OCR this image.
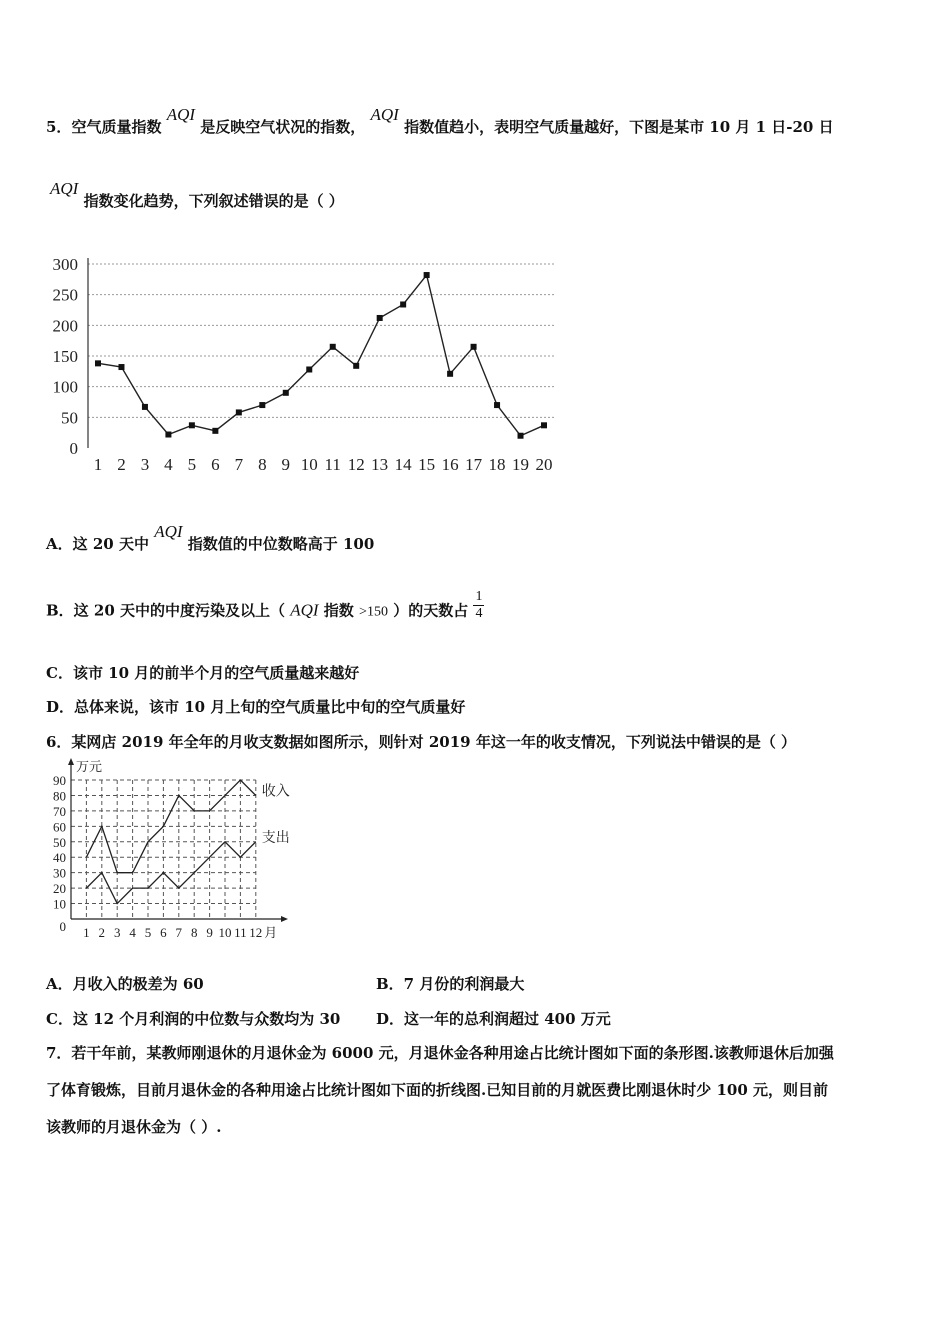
5．空气质量指数 AQI 是反映空气状况的指数， AQI 指数值趋小，表明空气质量越好，下图是某市 10 月 1 日-20 日
AQI 指数变化趋势，下列叙述错误的是（ ）
0
50
100
150
200
250
300
1 2 3 4 5 6 7 8 9 10 11 12 13 14 15 16 17 18 19 20
A．这 20 天中 AQI 指数值的中位数略高于 100
B．这 20 天中的中度污染及以上（ AQI 指数 >150 ）的天数占 $\frac{1}{4}$
C．该市 10 月的前半个月的空气质量越来越好
D．总体来说，该市 10 月上旬的空气质量比中旬的空气质量好
6．某网店 2019 年全年的月收支数据如图所示，则针对 2019 年这一年的收支情况，下列说法中错误的是（ ）
0
10
20
30
40
50
60
70
80
90
1 2 3 4 5 6 7 8 9 10 11 12 月
万元
收入
支出
A．月收入的极差为 60	B．7 月份的利润最大
C．这 12 个月利润的中位数与众数均为 30 D．这一年的总利润超过 400 万元
7．若干年前，某教师刚退休的月退休金为 6000 元，月退休金各种用途占比统计图如下面的条形图.该教师退休后加强
了体育锻炼，目前月退休金的各种用途占比统计图如下面的折线图.已知目前的月就医费比刚退休时少 100 元，则目前
该教师的月退休金为（ ）.
